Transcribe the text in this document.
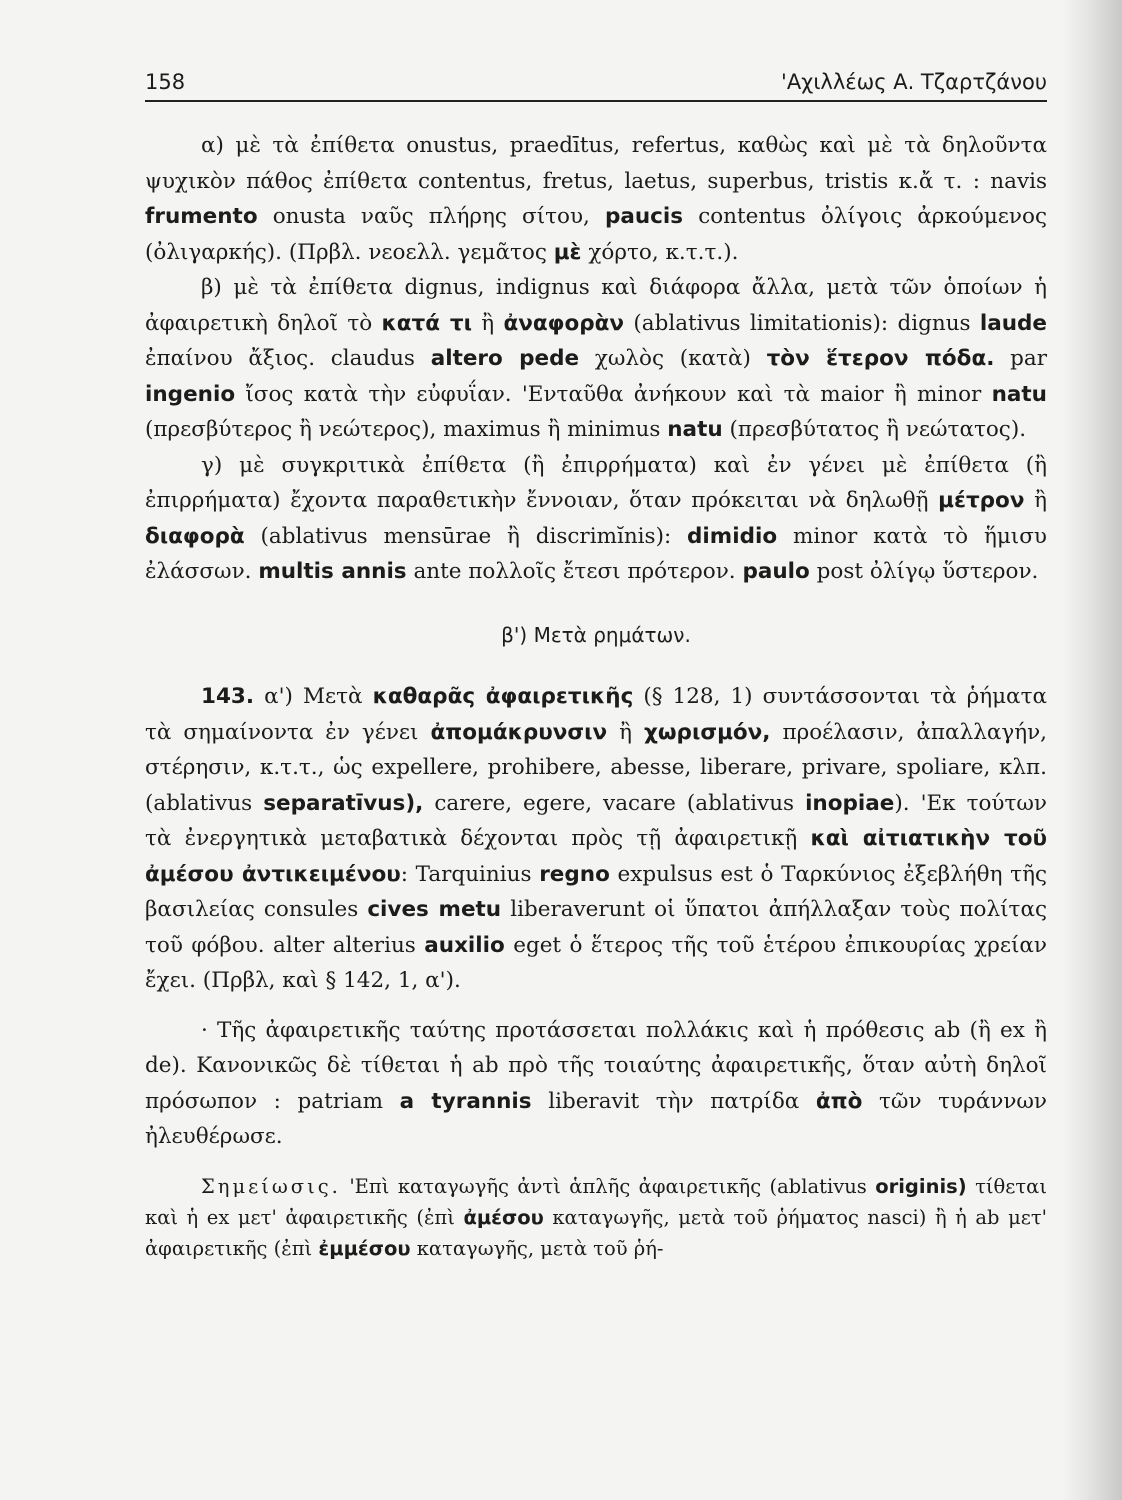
158	'Αχιλλέως Α. Τζαρτζάνου

α) μὲ τὰ ἐπίθετα onustus, praedītus, refertus, καθὼς καὶ μὲ τὰ δηλοῦντα ψυχικὸν πάθος ἐπίθετα contentus, fretus, laetus, superbus, tristis κ.ἄ τ. : navis frumento onusta ναῦς πλήρης σίτου, paucis contentus ὀλίγοις ἀρκούμενος (ὀλιγαρκής). (Πρβλ. νεοελλ. γεμᾶτος μὲ χόρτο, κ.τ.τ.).

β) μὲ τὰ ἐπίθετα dignus, indignus καὶ διάφορα ἄλλα, μετὰ τῶν ὁποίων ἡ ἀφαιρετικὴ δηλοῖ τὸ κατά τι ἢ ἀναφορὰν (ablativus limitationis): dignus laude ἐπαίνου ἄξιος. claudus altero pede χωλὸς (κατὰ) τὸν ἕτερον πόδα. par ingenio ἴσος κατὰ τὴν εὐφυΐαν. 'Ενταῦθα ἀνήκουν καὶ τὰ maior ἢ minor natu (πρεσβύτερος ἢ νεώτερος), maximus ἢ minimus natu (πρεσβύτατος ἢ νεώτατος).

γ) μὲ συγκριτικὰ ἐπίθετα (ἢ ἐπιρρήματα) καὶ ἐν γένει μὲ ἐπίθετα (ἢ ἐπιρρήματα) ἔχοντα παραθετικὴν ἔννοιαν, ὅταν πρόκειται νὰ δηλωθῇ μέτρον ἢ διαφορὰ (ablativus mensūrae ἢ discrimĭnis): dimidio minor κατὰ τὸ ἥμισυ ἐλάσσων. multis annis ante πολλοῖς ἔτεσι πρότερον. paulo post ὀλίγῳ ὕστερον.

β') Μετὰ ρημάτων.

143. α') Μετὰ καθαρᾶς ἀφαιρετικῆς (§ 128, 1) συντάσσονται τὰ ῥήματα τὰ σημαίνοντα ἐν γένει ἀπομάκρυνσιν ἢ χωρισμόν, προέλασιν, ἀπαλλαγήν, στέρησιν, κ.τ.τ., ὡς expellere, prohibere, abesse, liberare, privare, spoliare, κλπ. (ablativus separatīvus), carere, egere, vacare (ablativus inopiae). 'Εκ τούτων τὰ ἐνεργητικὰ μεταβατικὰ δέχονται πρὸς τῇ ἀφαιρετικῇ καὶ αἰτιατικὴν τοῦ ἀμέσου ἀντικειμένου: Tarquinius regno expulsus est ὁ Ταρκύνιος ἐξεβλήθη τῆς βασιλείας consules cives metu liberaverunt οἱ ὕπατοι ἀπήλλαξαν τοὺς πολίτας τοῦ φόβου. alter alterius auxilio eget ὁ ἕτερος τῆς τοῦ ἑτέρου ἐπικουρίας χρείαν ἔχει. (Πρβλ, καὶ § 142, 1, α').

· Τῆς ἀφαιρετικῆς ταύτης προτάσσεται πολλάκις καὶ ἡ πρόθεσις ab (ἢ ex ἢ de). Κανονικῶς δὲ τίθεται ἡ ab πρὸ τῆς τοιαύτης ἀφαιρετικῆς, ὅταν αὐτὴ δηλοῖ πρόσωπον : patriam a tyrannis liberavit τὴν πατρίδα ἀπὸ τῶν τυράννων ἠλευθέρωσε.

Σημείωσις. 'Επὶ καταγωγῆς ἀντὶ ἁπλῆς ἀφαιρετικῆς (ablativus originis) τίθεται καὶ ἡ ex μετ' ἀφαιρετικῆς (ἐπὶ ἀμέσου καταγωγῆς, μετὰ τοῦ ῥήματος nasci) ἢ ἡ ab μετ' ἀφαιρετικῆς (ἐπὶ ἐμμέσου καταγωγῆς, μετὰ τοῦ ῥή-
